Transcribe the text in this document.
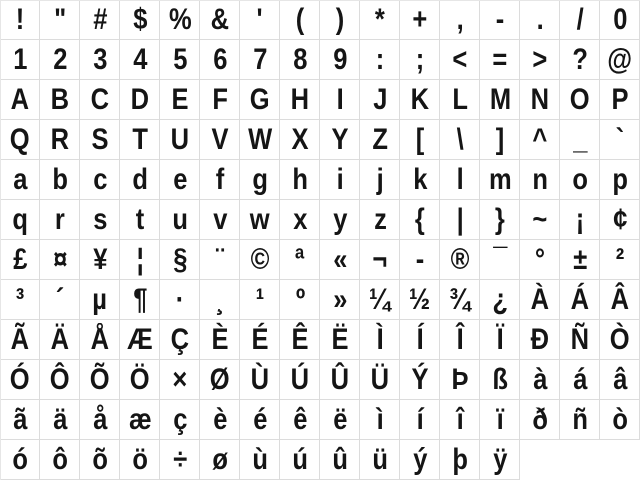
! " # $ % & ' ( ) * + , - . / 0
1 2 3 4 5 6 7 8 9 : ; < = > ? @
A B C D E F G H I J K L M N O P
Q R S T U V W X Y Z [ \ ] ^ _ `
a b c d e f g h i j k l m n o p
q r s t u v w x y z { | } ~ ¡ ¢
£ ¤ ¥ ¦ § ¨ © ª « ¬ - ® ¯ ° ± ²
³ ´ µ ¶ · ¸ ¹ º » ¼ ½ ¾ ¿ À Á Â
Ã Ä Å Æ Ç È É Ê Ë Ì Í Î Ï Ð Ñ Ò
Ó Ô Õ Ö × Ø Ù Ú Û Ü Ý Þ ß à á â
ã ä å æ ç è é ê ë ì í î ï ð ñ ò
ó ô õ ö ÷ ø ù ú û ü ý þ ÿ
